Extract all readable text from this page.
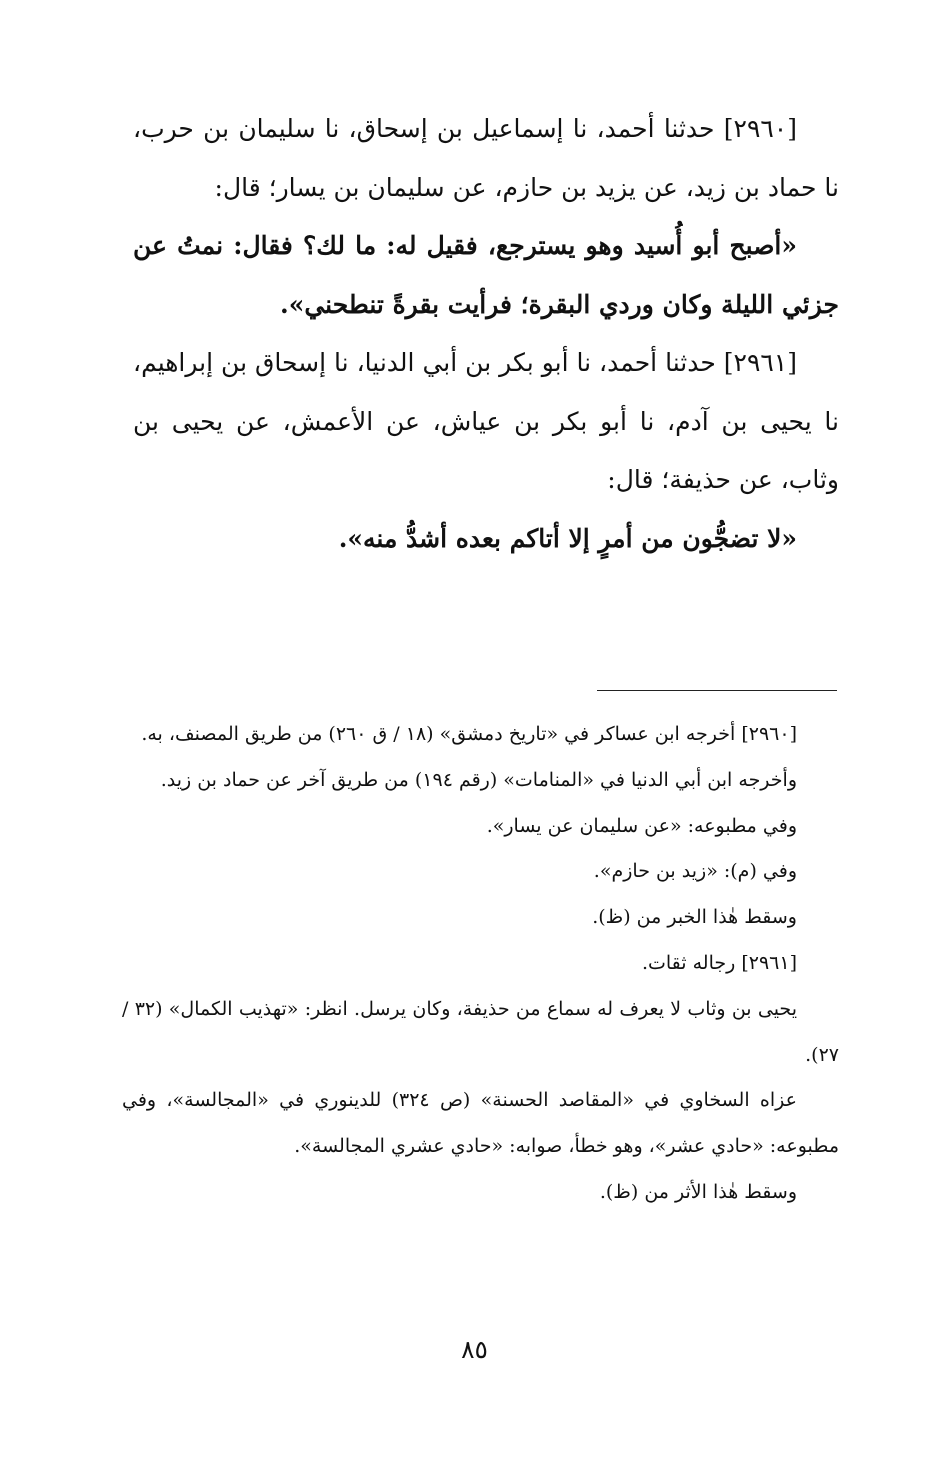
[٢٩٦٠] حدثنا أحمد، نا إسماعيل بن إسحاق، نا سليمان بن حرب، نا حماد بن زيد، عن يزيد بن حازم، عن سليمان بن يسار؛ قال:

«أصبح أبو أُسيد وهو يسترجع، فقيل له: ما لك؟ فقال: نمتُ عن جزئي الليلة وكان وردي البقرة؛ فرأيت بقرةً تنطحني».

[٢٩٦١] حدثنا أحمد، نا أبو بكر بن أبي الدنيا، نا إسحاق بن إبراهيم، نا يحيى بن آدم، نا أبو بكر بن عياش، عن الأعمش، عن يحيى بن وثاب، عن حذيفة؛ قال:

«لا تضجُّون من أمرٍ إلا أتاكم بعده أشدُّ منه».

[٢٩٦٠] أخرجه ابن عساكر في «تاريخ دمشق» (١٨ / ق ٢٦٠) من طريق المصنف، به.

وأخرجه ابن أبي الدنيا في «المنامات» (رقم ١٩٤) من طريق آخر عن حماد بن زيد.

وفي مطبوعه: «عن سليمان عن يسار».

وفي (م): «زيد بن حازم».

وسقط هٰذا الخبر من (ظ).

[٢٩٦١] رجاله ثقات.

يحيى بن وثاب لا يعرف له سماع من حذيفة، وكان يرسل. انظر: «تهذيب الكمال» (٣٢ / ٢٧).

عزاه السخاوي في «المقاصد الحسنة» (ص ٣٢٤) للدينوري في «المجالسة»، وفي مطبوعه: «حادي عشر»، وهو خطأ، صوابه: «حادي عشري المجالسة».

وسقط هٰذا الأثر من (ظ).

٨٥
